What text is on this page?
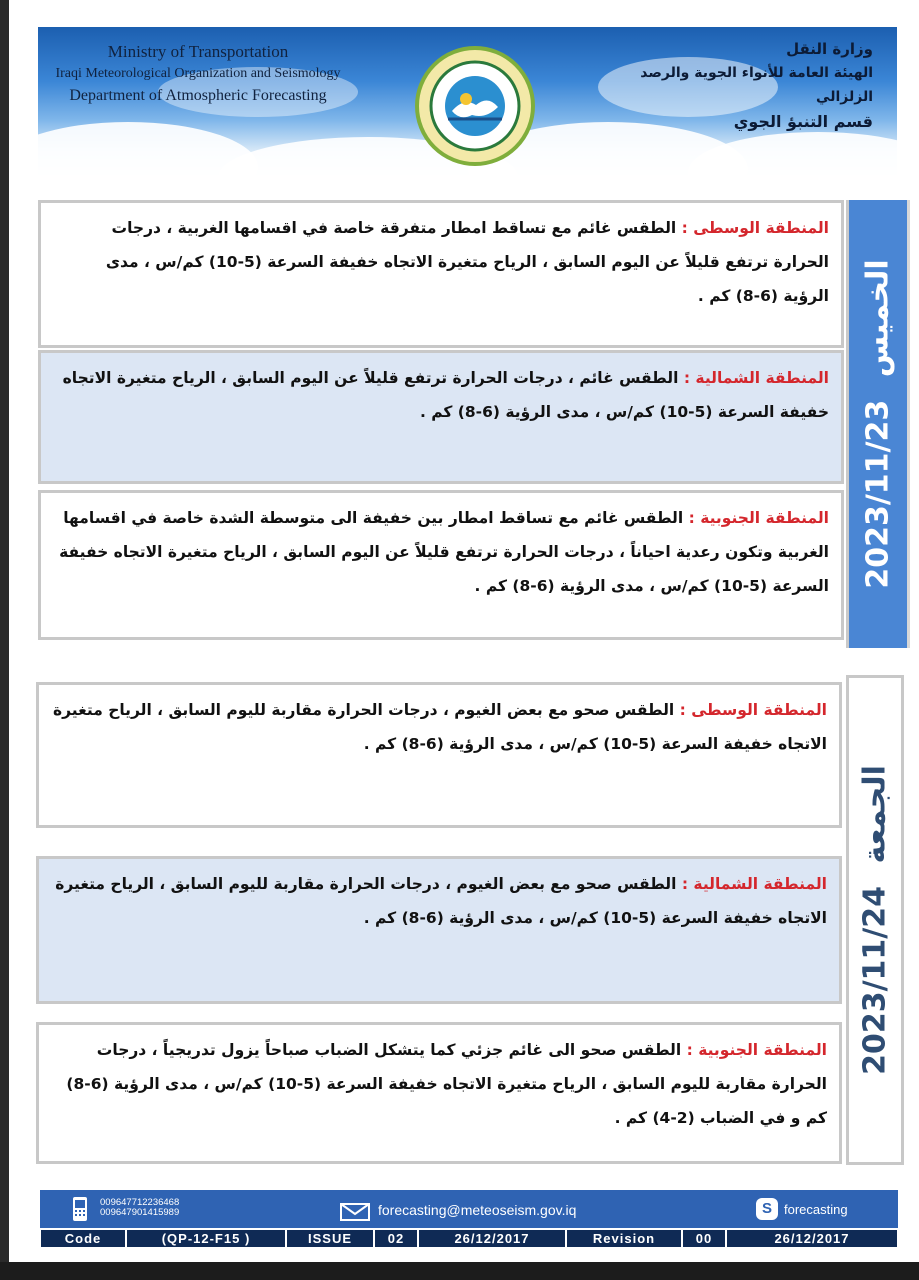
Ministry of Transportation
Iraqi Meteorological Organization and Seismology
Department of Atmospheric Forecasting
وزارة النقل
الهيئة العامة للأنواء الجوية والرصد الزلزالي
قسم التنبؤ الجوي
الخميس 2023/11/23
المنطقة الوسطى : الطقس غائم مع تساقط امطار متفرقة خاصة في اقسامها الغربية ، درجات الحرارة ترتفع قليلاً عن اليوم السابق ، الرياح متغيرة الاتجاه خفيفة السرعة (5-10) كم/س ، مدى الرؤية (6-8) كم .
المنطقة الشمالية : الطقس غائم ، درجات الحرارة ترتفع قليلاً عن اليوم السابق ، الرياح متغيرة الاتجاه خفيفة السرعة (5-10) كم/س ، مدى الرؤية (6-8) كم .
المنطقة الجنوبية : الطقس غائم مع تساقط امطار بين خفيفة الى متوسطة الشدة خاصة في اقسامها الغربية وتكون رعدية احياناً ، درجات الحرارة ترتفع قليلاً عن اليوم السابق ، الرياح متغيرة الاتجاه خفيفة السرعة (5-10) كم/س ، مدى الرؤية (6-8) كم .
الجمعة 2023/11/24
المنطقة الوسطى : الطقس صحو مع بعض الغيوم ، درجات الحرارة مقاربة لليوم السابق ، الرياح متغيرة الاتجاه خفيفة السرعة (5-10) كم/س ، مدى الرؤية (6-8) كم .
المنطقة الشمالية : الطقس صحو مع بعض الغيوم ، درجات الحرارة مقاربة لليوم السابق ، الرياح متغيرة الاتجاه خفيفة السرعة (5-10) كم/س ، مدى الرؤية (6-8) كم .
المنطقة الجنوبية : الطقس صحو الى غائم جزئي كما يتشكل الضباب صباحاً يزول تدريجياً ، درجات الحرارة مقاربة لليوم السابق ، الرياح متغيرة الاتجاه خفيفة السرعة (5-10) كم/س ، مدى الرؤية (6-8) كم و في الضباب (2-4) كم .
009647712236468
009647901415989	forecasting@meteoseism.gov.iq	S forecasting
Code	(QP-12-F15 )	ISSUE	02	26/12/2017	Revision	00	26/12/2017
